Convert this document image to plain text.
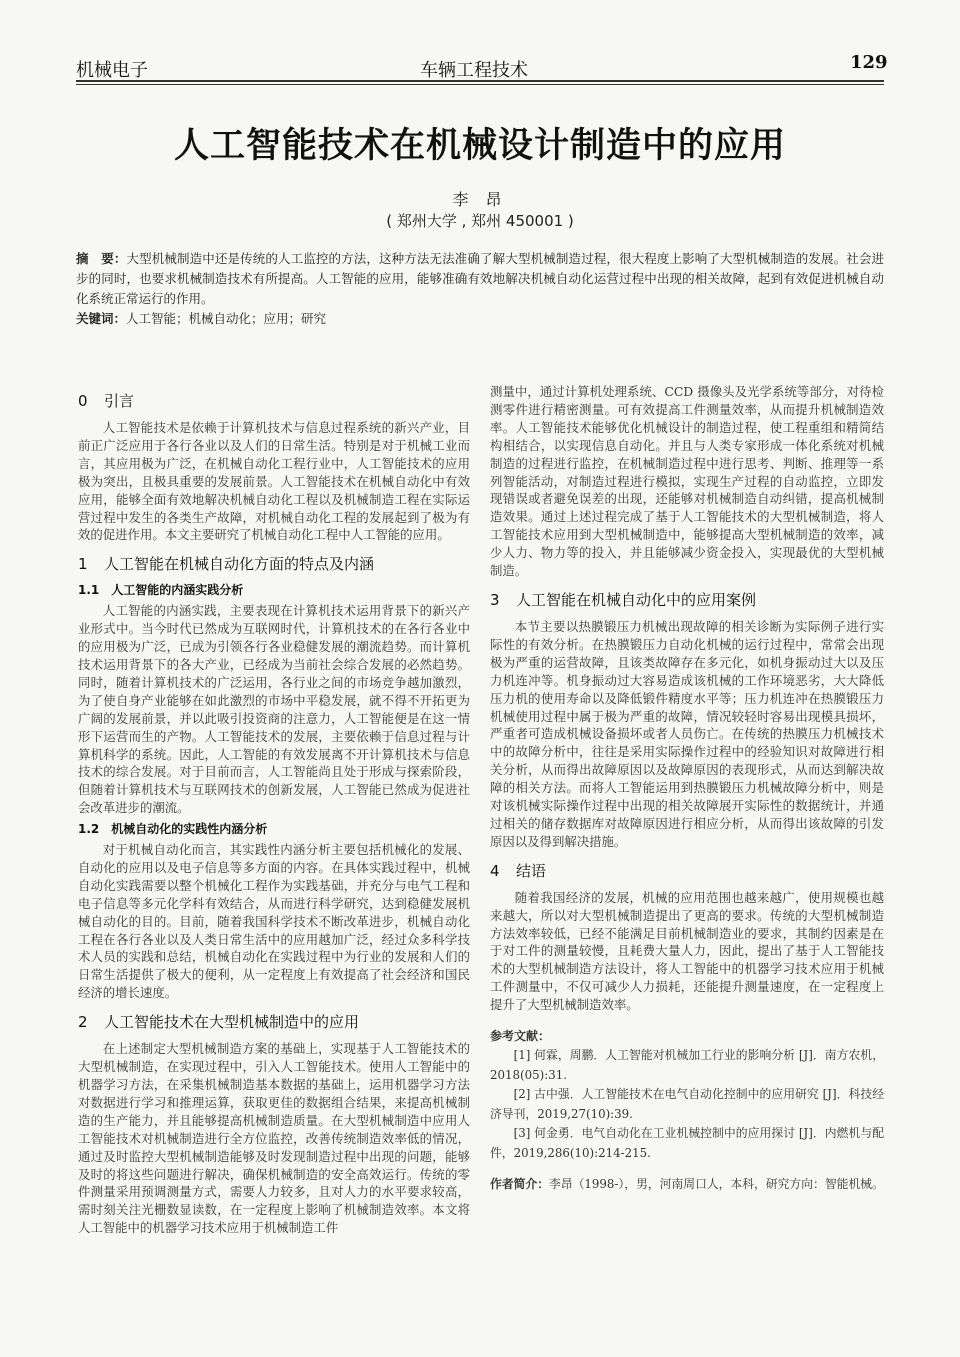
机械电子	车辆工程技术	129
人工智能技术在机械设计制造中的应用
李 昂
( 郑州大学 , 郑州 450001 )
摘　要：大型机械制造中还是传统的人工监控的方法，这种方法无法准确了解大型机械制造过程，很大程度上影响了大型机械制造的发展。社会进步的同时，也要求机械制造技术有所提高。人工智能的应用，能够准确有效地解决机械自动化运营过程中出现的相关故障，起到有效促进机械自动化系统正常运行的作用。
关键词：人工智能；机械自动化；应用；研究
0 引言

人工智能技术是依赖于计算机技术与信息过程系统的新兴产业，目前正广泛应用于各行各业以及人们的日常生活。特别是对于机械工业而言，其应用极为广泛，在机械自动化工程行业中，人工智能技术的应用极为突出，且极具重要的发展前景。人工智能技术在机械自动化中有效应用，能够全面有效地解决机械自动化工程以及机械制造工程在实际运营过程中发生的各类生产故障，对机械自动化工程的发展起到了极为有效的促进作用。本文主要研究了机械自动化工程中人工智能的应用。

1 人工智能在机械自动化方面的特点及内涵
1.1　人工智能的内涵实践分析

人工智能的内涵实践，主要表现在计算机技术运用背景下的新兴产业形式中。当今时代已然成为互联网时代，计算机技术的在各行各业中的应用极为广泛，已成为引领各行各业稳健发展的潮流趋势。而计算机技术运用背景下的各大产业，已经成为当前社会综合发展的必然趋势。同时，随着计算机技术的广泛运用，各行业之间的市场竞争越加激烈，为了使自身产业能够在如此激烈的市场中平稳发展，就不得不开拓更为广阔的发展前景，并以此吸引投资商的注意力，人工智能便是在这一情形下运营而生的产物。人工智能技术的发展，主要依赖于信息过程与计算机科学的系统。因此，人工智能的有效发展离不开计算机技术与信息技术的综合发展。对于目前而言，人工智能尚且处于形成与探索阶段，但随着计算机技术与互联网技术的创新发展，人工智能已然成为促进社会改革进步的潮流。

1.2　机械自动化的实践性内涵分析

对于机械自动化而言，其实践性内涵分析主要包括机械化的发展、自动化的应用以及电子信息等多方面的内容。在具体实践过程中，机械自动化实践需要以整个机械化工程作为实践基础，并充分与电气工程和电子信息等多元化学科有效结合，从而进行科学研究，达到稳健发展机械自动化的目的。目前，随着我国科学技术不断改革进步，机械自动化工程在各行各业以及人类日常生活中的应用越加广泛，经过众多科学技术人员的实践和总结，机械自动化在实践过程中为行业的发展和人们的日常生活提供了极大的便利，从一定程度上有效提高了社会经济和国民经济的增长速度。

2 人工智能技术在大型机械制造中的应用

在上述制定大型机械制造方案的基础上，实现基于人工智能技术的大型机械制造，在实现过程中，引入人工智能技术。使用人工智能中的机器学习方法，在采集机械制造基本数据的基础上，运用机器学习方法对数据进行学习和推理运算，获取更佳的数据组合结果，来提高机械制造的生产能力，并且能够提高机械制造质量。在大型机械制造中应用人工智能技术对机械制造进行全方位监控，改善传统制造效率低的情况，通过及时监控大型机械制造能够及时发现制造过程中出现的问题，能够及时的将这些问题进行解决，确保机械制造的安全高效运行。传统的零件测量采用预调测量方式，需要人力较多，且对人力的水平要求较高，需时刻关注光栅数显读数，在一定程度上影响了机械制造效率。本文将人工智能中的机器学习技术应用于机械制造工件

测量中，通过计算机处理系统、CCD 摄像头及光学系统等部分，对待检测零件进行精密测量。可有效提高工件测量效率，从而提升机械制造效率。人工智能技术能够优化机械设计的制造过程，使工程重组和精简结构相结合，以实现信息自动化。并且与人类专家形成一体化系统对机械制造的过程进行监控，在机械制造过程中进行思考、判断、推理等一系列智能活动，对制造过程进行模拟，实现生产过程的自动监控，立即发现错误或者避免误差的出现，还能够对机械制造自动纠错，提高机械制造效果。通过上述过程完成了基于人工智能技术的大型机械制造，将人工智能技术应用到大型机械制造中，能够提高大型机械制造的效率，减少人力、物力等的投入，并且能够减少资金投入，实现最优的大型机械制造。

3 人工智能在机械自动化中的应用案例

本节主要以热膜锻压力机械出现故障的相关诊断为实际例子进行实际性的有效分析。在热膜锻压力自动化机械的运行过程中，常常会出现极为严重的运营故障，且该类故障存在多元化，如机身振动过大以及压力机连冲等。机身振动过大容易造成该机械的工作环境恶劣，大大降低压力机的使用寿命以及降低锻件精度水平等；压力机连冲在热膜锻压力机械使用过程中属于极为严重的故障，情况较轻时容易出现模具损坏，严重者可造成机械设备损坏或者人员伤亡。在传统的热膜压力机械技术中的故障分析中，往往是采用实际操作过程中的经验知识对故障进行相关分析，从而得出故障原因以及故障原因的表现形式，从而达到解决故障的相关方法。而将人工智能运用到热膜锻压力机械故障分析中，则是对该机械实际操作过程中出现的相关故障展开实际性的数据统计，并通过相关的储存数据库对故障原因进行相应分析，从而得出该故障的引发原因以及得到解决措施。

4 结语

随着我国经济的发展，机械的应用范围也越来越广，使用规模也越来越大，所以对大型机械制造提出了更高的要求。传统的大型机械制造方法效率较低，已经不能满足目前机械制造业的要求，其制约因素是在于对工件的测量较慢，且耗费大量人力，因此，提出了基于人工智能技术的大型机械制造方法设计，将人工智能中的机器学习技术应用于机械工件测量中，不仅可减少人力损耗，还能提升测量速度，在一定程度上提升了大型机械制造效率。

参考文献：

[1] 何霖，周鹏．人工智能对机械加工行业的影响分析 [J]．南方农机，2018(05):31.

[2] 古中强．人工智能技术在电气自动化控制中的应用研究 [J]．科技经济导刊，2019,27(10):39.

[3] 何金勇．电气自动化在工业机械控制中的应用探讨 [J]．内燃机与配件，2019,286(10):214-215.

作者简介：李昂（1998-），男，河南周口人，本科，研究方向：智能机械。
